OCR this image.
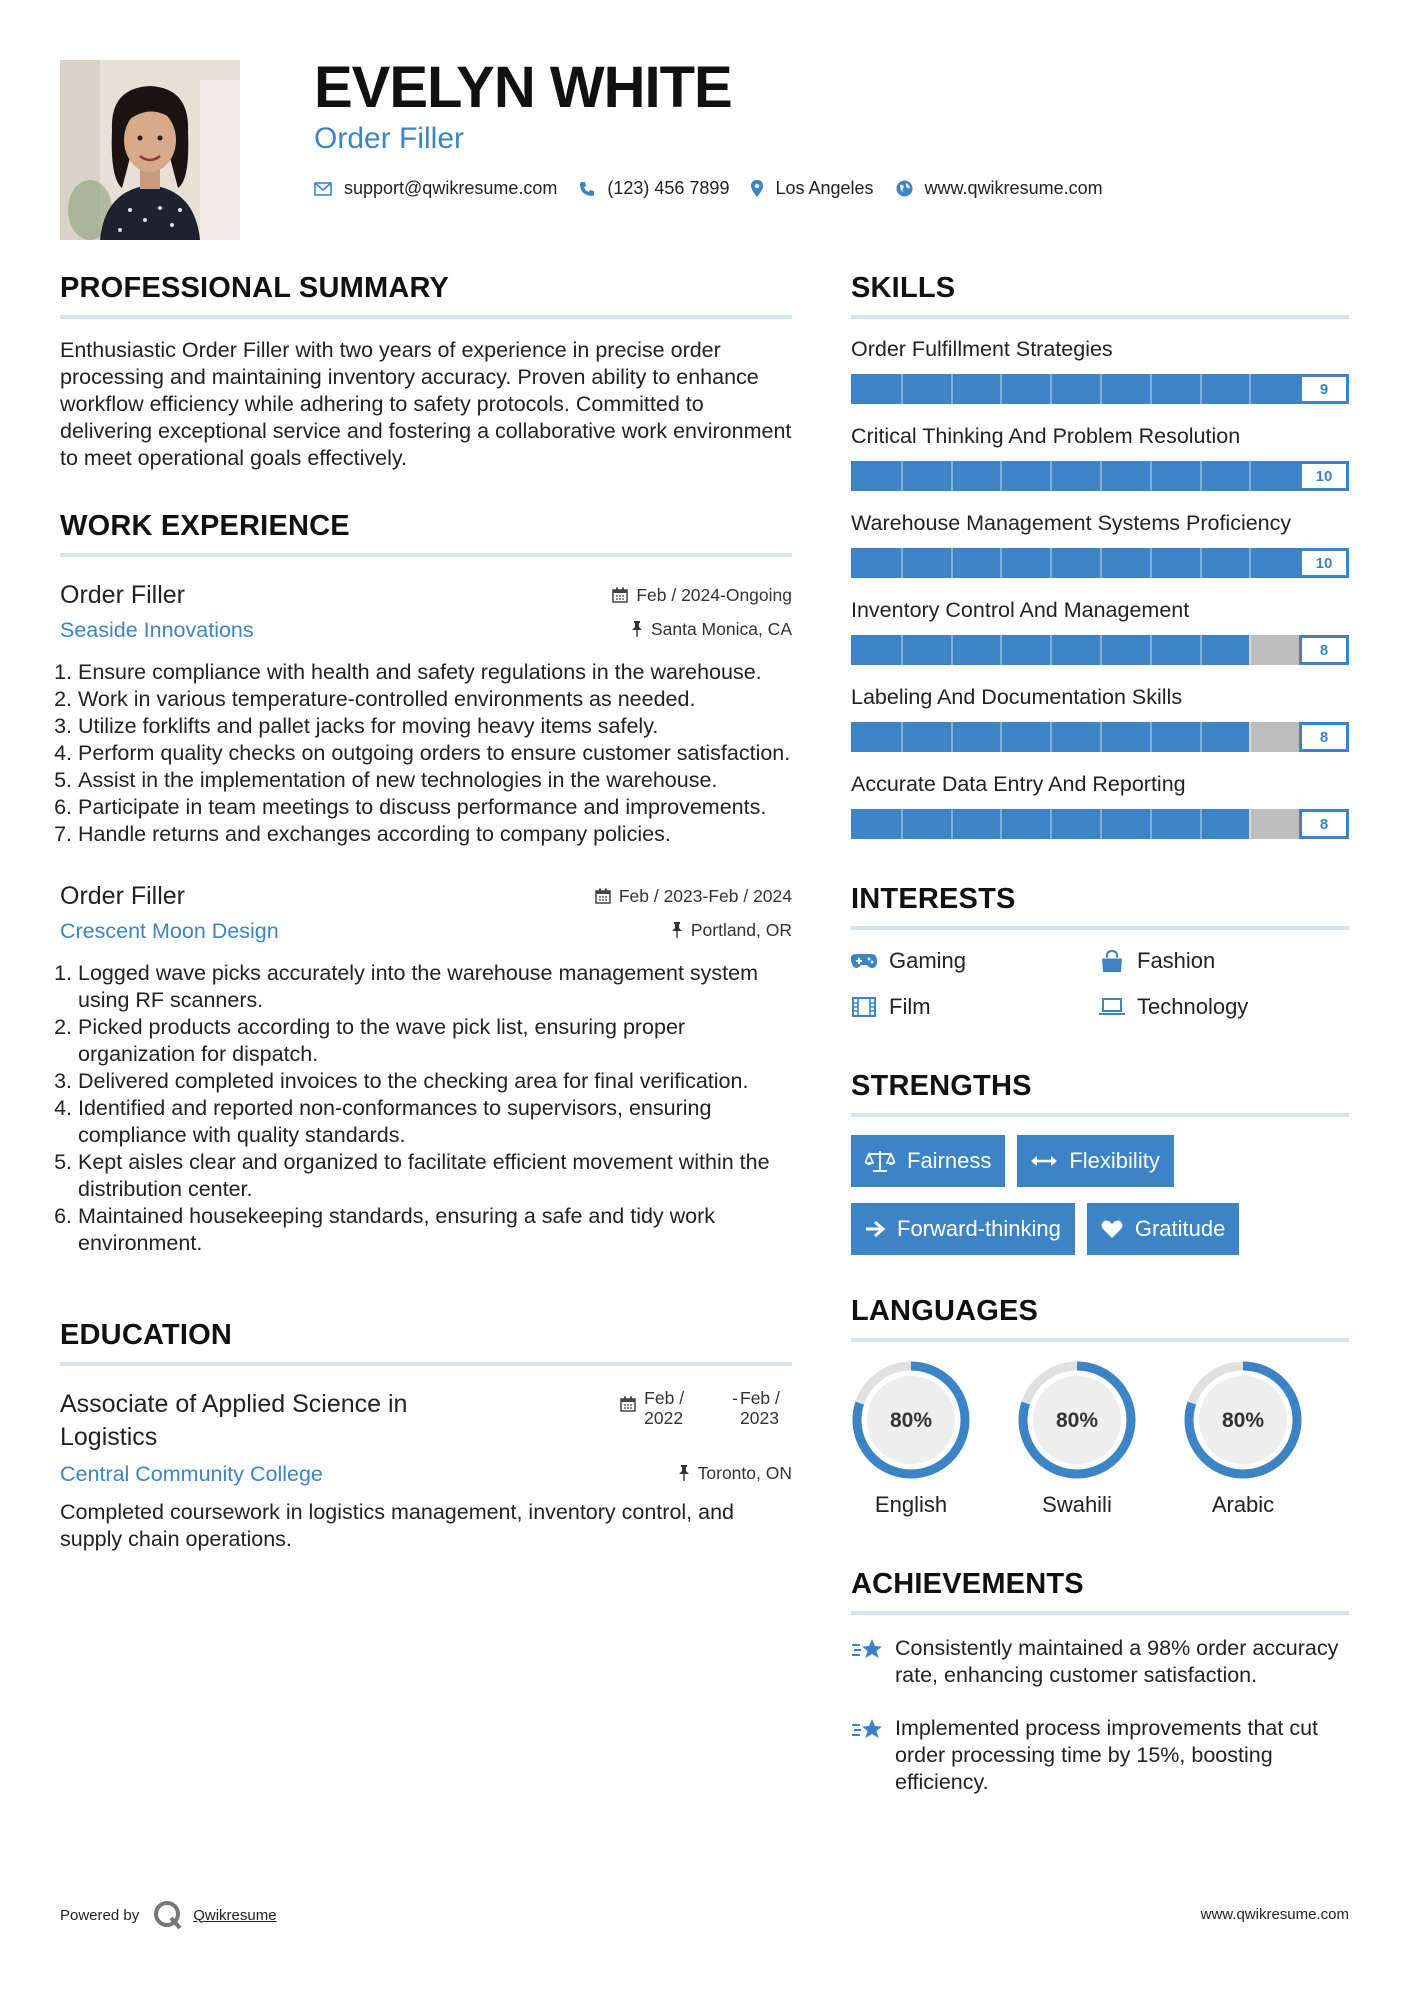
EVELYN WHITE
Order Filler
support@qwikresume.com	(123) 456 7899	Los Angeles	www.qwikresume.com
PROFESSIONAL SUMMARY

Enthusiastic Order Filler with two years of experience in precise order processing and maintaining inventory accuracy. Proven ability to enhance workflow efficiency while adhering to safety protocols. Committed to delivering exceptional service and fostering a collaborative work environment to meet operational goals effectively.

WORK EXPERIENCE
Order Filler	Feb / 2024-Ongoing
Seaside Innovations	Santa Monica, CA
1. Ensure compliance with health and safety regulations in the warehouse.
2. Work in various temperature-controlled environments as needed.
3. Utilize forklifts and pallet jacks for moving heavy items safely.
4. Perform quality checks on outgoing orders to ensure customer satisfaction.
5. Assist in the implementation of new technologies in the warehouse.
6. Participate in team meetings to discuss performance and improvements.
7. Handle returns and exchanges according to company policies.
Order Filler	Feb / 2023-Feb / 2024
Crescent Moon Design	Portland, OR
1. Logged wave picks accurately into the warehouse management system using RF scanners.
2. Picked products according to the wave pick list, ensuring proper organization for dispatch.
3. Delivered completed invoices to the checking area for final verification.
4. Identified and reported non-conformances to supervisors, ensuring compliance with quality standards.
5. Kept aisles clear and organized to facilitate efficient movement within the distribution center.
6. Maintained housekeeping standards, ensuring a safe and tidy work environment.
EDUCATION
Associate of Applied Science in Logistics
Feb / 2022
- Feb / 2023
Central Community College	Toronto, ON

Completed coursework in logistics management, inventory control, and supply chain operations.

SKILLS
Order Fulfillment Strategies
9
Critical Thinking And Problem Resolution
10
Warehouse Management Systems Proficiency
10
Inventory Control And Management
8
Labeling And Documentation Skills
8
Accurate Data Entry And Reporting
8
INTERESTS
Gaming	Fashion
Film	Technology
STRENGTHS
Fairness	Flexibility
Forward-thinking	Gratitude
LANGUAGES
80%
English
80%
Swahili
80%
Arabic
ACHIEVEMENTS
Consistently maintained a 98% order accuracy rate, enhancing customer satisfaction.
Implemented process improvements that cut order processing time by 15%, boosting efficiency.
Powered by	Qwikresume	www.qwikresume.com
